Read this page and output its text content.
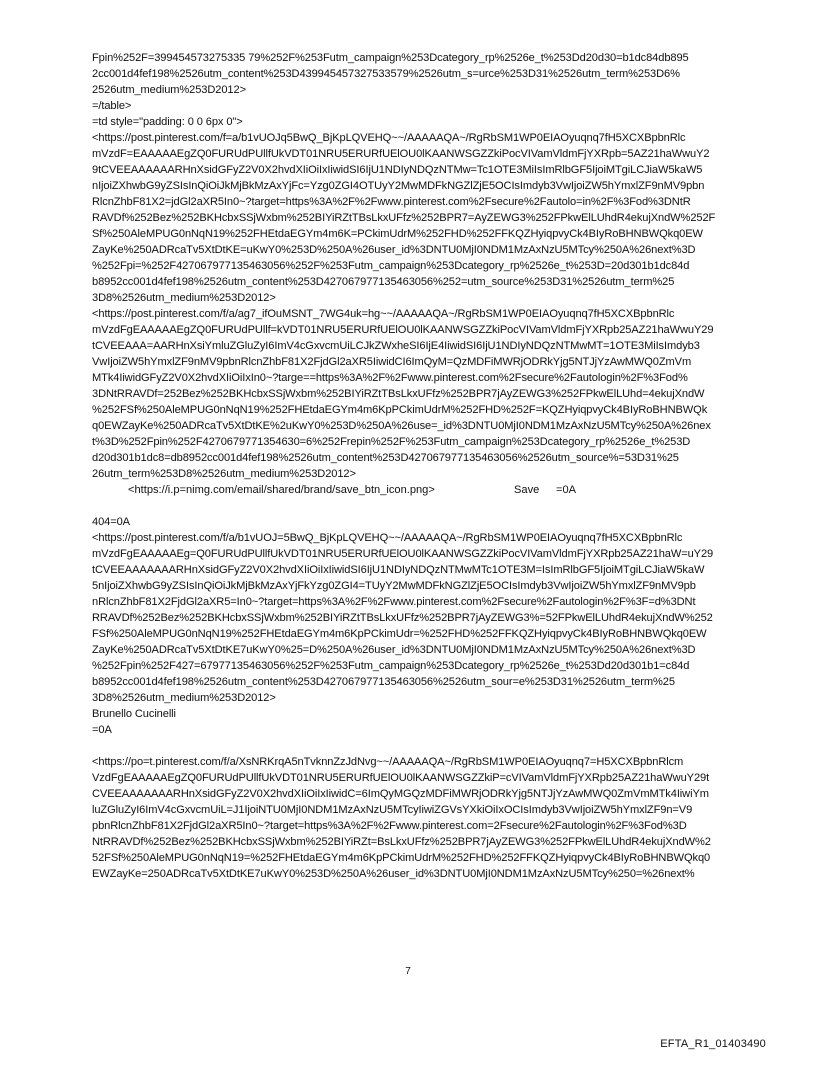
Fpin%252F=399454573275335 79%252F%253Futm_campaign%253Dcategory_rp%2526e_t%253Dd20d30=b1dc84db895
2cc001d4fef198%2526utm_content%253D439945457327533579%2526utm_s=urce%253D31%2526utm_term%253D6%
2526utm_medium%253D2012>
=/table>
=td style="padding: 0 0 6px 0">
<https://post.pinterest.com/f=a/b1vUOJq5BwQ_BjKpLQVEHQ~~/AAAAAQA~/RgRbSM1WP0EIAOyuqnq7fH5XCXBpbnRlc
mVzdF=EAAAAAEgZQ0FURUdPUllfUkVDT01NRU5ERURfUElOU0lKAANWSGZZkiPocVIVamVldmFjYXRpb=5AZ21haWwuY2
9tCVEEAAAAAARHnXsidGFyZ2V0X2hvdXIiOiIxIiwidSI6IjU1NDIyNDQzNTMw=Tc1OTE3MiIsImRlbGF5IjoiMTgiLCJiaW5kaW5
nIjoiZXhwbG9yZSIsInQiOiJkMjBkMzAxYjFc=Yzg0ZGI4OTUyY2MwMDFkNGZlZjE5OCIsImdyb3VwIjoiZW5hYmxlZF9nMV9pbn
RlcnZhbF81X2=jdGl2aXR5In0~?target=https%3A%2F%2Fwww.pinterest.com%2Fsecure%2Fautolo=in%2F%3Fod%3DNtR
RAVDf%252Bez%252BKHcbxSSjWxbm%252BIYiRZtTBsLkxUFfz%252BPR7=AyZEWG3%252FPkwElLUhdR4ekujXndW%252F
Sf%250AleMPUG0nNqN19%252FHEtdaEGYm4m6K=PCkimUdrM%252FHD%252FFKQZHyiqpvyCk4BIyRoBHNBWQkq0EW
ZayKe%250ADRcaTv5XtDtKE=uKwY0%253D%250A%26user_id%3DNTU0MjI0NDM1MzAxNzU5MTcy%250A%26next%3D
%252Fpi=%252F427067977135463056%252F%253Futm_campaign%253Dcategory_rp%2526e_t%253D=20d301b1dc84d
b8952cc001d4fef198%2526utm_content%253D427067977135463056%252=utm_source%253D31%2526utm_term%25
3D8%2526utm_medium%253D2012>
<https://post.pinterest.com/f/a/ag7_ifOuMSNT_7WG4uk=hg~~/AAAAAQA~/RgRbSM1WP0EIAOyuqnq7fH5XCXBpbnRlc
mVzdFgEAAAAAEgZQ0FURUdPUllf=kVDT01NRU5ERURfUElOU0lKAANWSGZZkiPocVIVamVldmFjYXRpb25AZ21haWwuY29
tCVEEAAA=AARHnXsiYmluZGluZyI6ImV4cGxvcmUiLCJkZWxheSI6IjE4IiwidSI6IjU1NDIyNDQzNTMwMT=1OTE3MiIsImdyb3
VwIjoiZW5hYmxlZF9nMV9pbnRlcnZhbF81X2FjdGl2aXR5IiwidCI6ImQyM=QzMDFiMWRjODRkYjg5NTJjYzAwMWQ0ZmVm
MTk4IiwidGFyZ2V0X2hvdXIiOiIxIn0~?targe==https%3A%2F%2Fwww.pinterest.com%2Fsecure%2Fautologin%2F%3Fod%
3DNtRRAVDf=252Bez%252BKHcbxSSjWxbm%252BIYiRZtTBsLkxUFfz%252BPR7jAyZEWG3%252FPkwElLUhd=4ekujXndW
%252FSf%250AleMPUG0nNqN19%252FHEtdaEGYm4m6KpPCkimUdrM%252FHD%252F=KQZHyiqpvyCk4BIyRoBHNBWQk
q0EWZayKe%250ADRcaTv5XtDtKE%2uKwY0%253D%250A%26use=_id%3DNTU0MjI0NDM1MzAxNzU5MTcy%250A%26nex
t%3D%252Fpin%252F4270679771354630=6%252Frepin%252F%253Futm_campaign%253Dcategory_rp%2526e_t%253D
d20d301b1dc8=db8952cc001d4fef198%2526utm_content%253D427067977135463056%2526utm_source%=53D31%25
26utm_term%253D8%2526utm_medium%253D2012>
<https://i.p=nimg.com/email/shared/brand/save_btn_icon.png>	Save =0A
404=0A
<https://post.pinterest.com/f/a/b1vUOJ=5BwQ_BjKpLQVEHQ~~/AAAAAQA~/RgRbSM1WP0EIAOyuqnq7fH5XCXBpbnRlc
mVzdFgEAAAAAEg=Q0FURUdPUllfUkVDT01NRU5ERURfUElOU0lKAANWSGZZkiPocVIVamVldmFjYXRpb25AZ21haW=uY29
tCVEEAAAAAAARHnXsidGFyZ2V0X2hvdXIiOiIxIiwidSI6IjU1NDIyNDQzNTMwMTc1OTE3M=IsImRlbGF5IjoiMTgiLCJiaW5kaW
5nIjoiZXhwbG9yZSIsInQiOiJkMjBkMzAxYjFkYzg0ZGI4=TUyY2MwMDFkNGZlZjE5OCIsImdyb3VwIjoiZW5hYmxlZF9nMV9pb
nRlcnZhbF81X2FjdGl2aXR5=In0~?target=https%3A%2F%2Fwww.pinterest.com%2Fsecure%2Fautologin%2F%3F=d%3DNt
RRAVDf%252Bez%252BKHcbxSSjWxbm%252BIYiRZtTBsLkxUFfz%252BPR7jAyZEWG3%=52FPkwElLUhdR4ekujXndW%252
FSf%250AleMPUG0nNqN19%252FHEtdaEGYm4m6KpPCkimUdr=%252FHD%252FFKQZHyiqpvyCk4BIyRoBHNBWQkq0EW
ZayKe%250ADRcaTv5XtDtKE7uKwY0%25=D%250A%26user_id%3DNTU0MjI0NDM1MzAxNzU5MTcy%250A%26next%3D
%252Fpin%252F427=67977135463056%252F%253Futm_campaign%253Dcategory_rp%2526e_t%253Dd20d301b1=c84d
b8952cc001d4fef198%2526utm_content%253D427067977135463056%2526utm_sour=e%253D31%2526utm_term%25
3D8%2526utm_medium%253D2012>
Brunello Cucinelli
=0A
<https://po=t.pinterest.com/f/a/XsNRKrqA5nTvknnZzJdNvg~~/AAAAAQA~/RgRbSM1WP0EIAOyuqnq7=H5XCXBpbnRlcm
VzdFgEAAAAAEgZQ0FURUdPUllfUkVDT01NRU5ERURfUElOU0lKAANWSGZZkiP=cVIVamVldmFjYXRpb25AZ21haWwuY29t
CVEEAAAAAAARHnXsidGFyZ2V0X2hvdXIiOiIxIiwidC=6ImQyMGQzMDFiMWRjODRkYjg5NTJjYzAwMWQ0ZmVmMTk4IiwiYm
luZGluZyI6ImV4cGxvcmUiL=J1IjoiNTU0MjI0NDM1MzAxNzU5MTcyIiwiZGVsYXkiOiIxOCIsImdyb3VwIjoiZW5hYmxlZF9n=V9
pbnRlcnZhbF81X2FjdGl2aXR5In0~?target=https%3A%2F%2Fwww.pinterest.com=2Fsecure%2Fautologin%2F%3Fod%3D
NtRRAVDf%252Bez%252BKHcbxSSjWxbm%252BIYiRZt=BsLkxUFfz%252BPR7jAyZEWG3%252FPkwElLUhdR4ekujXndW%2
52FSf%250AleMPUG0nNqN19=%252FHEtdaEGYm4m6KpPCkimUdrM%252FHD%252FFKQZHyiqpvyCk4BIyRoBHNBWQkq0
EWZayKe=250ADRcaTv5XtDtKE7uKwY0%253D%250A%26user_id%3DNTU0MjI0NDM1MzAxNzU5MTcy%250=%26next%
7
EFTA_R1_01403490
